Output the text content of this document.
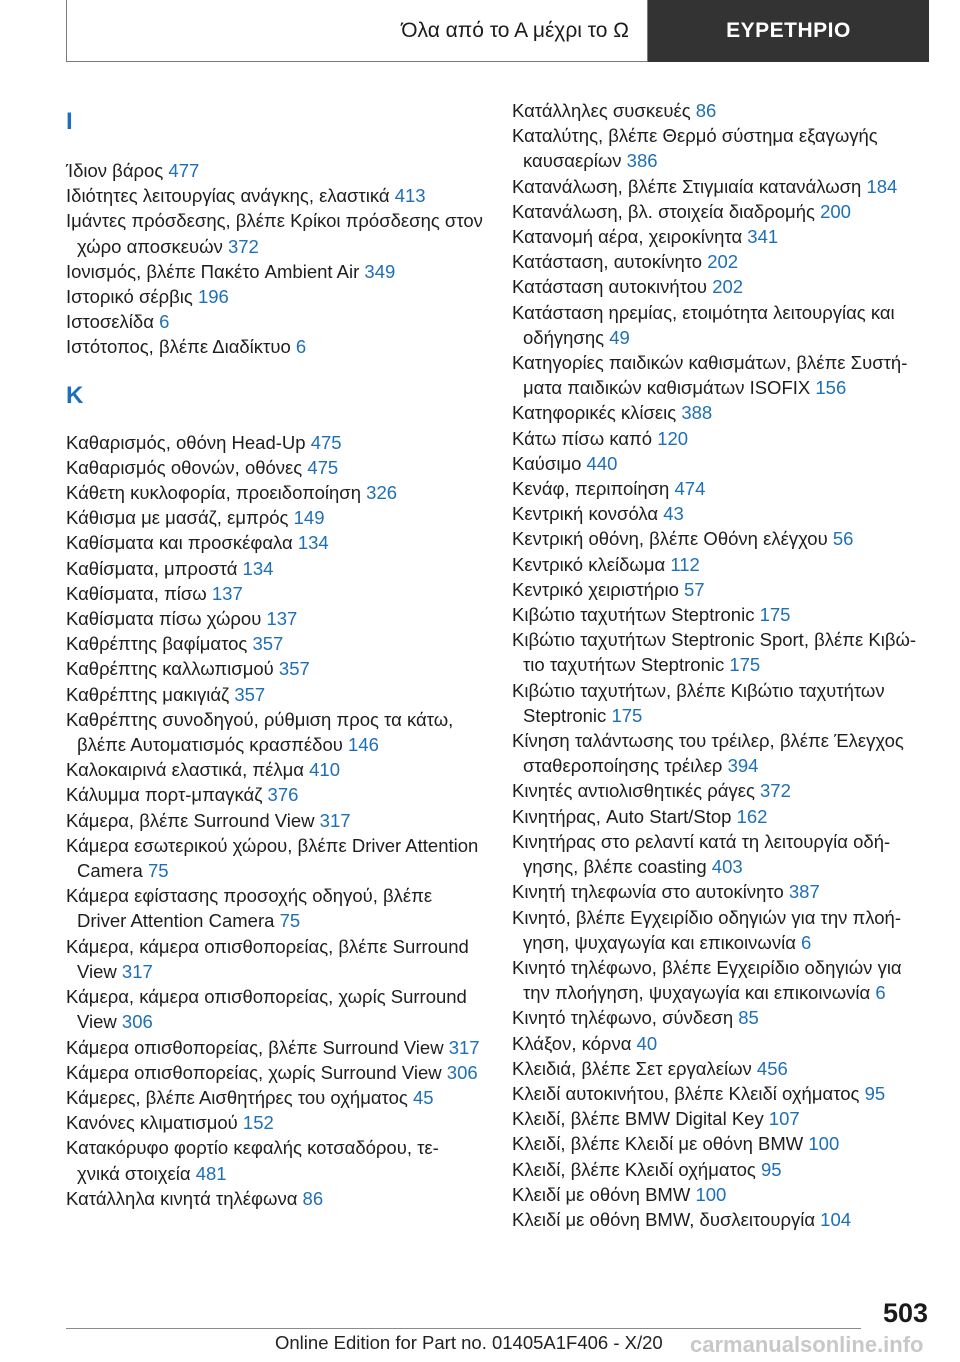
Όλα από το Α μέχρι το Ω	ΕΥΡΕΤΗΡΙΟ
I
Ίδιον βάρος 477
Ιδιότητες λειτουργίας ανάγκης, ελαστικά 413
Ιμάντες πρόσδεσης, βλέπε Κρίκοι πρόσδεσης στον χώρο αποσκευών 372
Ιονισμός, βλέπε Πακέτο Ambient Air 349
Ιστορικό σέρβις 196
Ιστοσελίδα 6
Ιστότοπος, βλέπε Διαδίκτυο 6
K
Καθαρισμός, οθόνη Head-Up 475
Καθαρισμός οθονών, οθόνες 475
Κάθετη κυκλοφορία, προειδοποίηση 326
Κάθισμα με μασάζ, εμπρός 149
Καθίσματα και προσκέφαλα 134
Καθίσματα, μπροστά 134
Καθίσματα, πίσω 137
Καθίσματα πίσω χώρου 137
Καθρέπτης βαφίματος 357
Καθρέπτης καλλωπισμού 357
Καθρέπτης μακιγιάζ 357
Καθρέπτης συνοδηγού, ρύθμιση προς τα κάτω, βλέπε Αυτοματισμός κρασπέδου 146
Καλοκαιρινά ελαστικά, πέλμα 410
Κάλυμμα πορτ-μπαγκάζ 376
Κάμερα, βλέπε Surround View 317
Κάμερα εσωτερικού χώρου, βλέπε Driver Attention Camera 75
Κάμερα εφίστασης προσοχής οδηγού, βλέπε Driver Attention Camera 75
Κάμερα, κάμερα οπισθοπορείας, βλέπε Surround View 317
Κάμερα, κάμερα οπισθοπορείας, χωρίς Surround View 306
Κάμερα οπισθοπορείας, βλέπε Surround View 317
Κάμερα οπισθοπορείας, χωρίς Surround View 306
Κάμερες, βλέπε Αισθητήρες του οχήματος 45
Κανόνες κλιματισμού 152
Κατακόρυφο φορτίο κεφαλής κοτσαδόρου, τε- χνικά στοιχεία 481
Κατάλληλα κινητά τηλέφωνα 86
Κατάλληλες συσκευές 86
Καταλύτης, βλέπε Θερμό σύστημα εξαγωγής καυσαερίων 386
Κατανάλωση, βλέπε Στιγμιαία κατανάλωση 184
Κατανάλωση, βλ. στοιχεία διαδρομής 200
Κατανομή αέρα, χειροκίνητα 341
Κατάσταση, αυτοκίνητο 202
Κατάσταση αυτοκινήτου 202
Κατάσταση ηρεμίας, ετοιμότητα λειτουργίας και οδήγησης 49
Κατηγορίες παιδικών καθισμάτων, βλέπε Συστή- ματα παιδικών καθισμάτων ISOFIX 156
Κατηφορικές κλίσεις 388
Κάτω πίσω καπό 120
Καύσιμο 440
Κενάφ, περιποίηση 474
Κεντρική κονσόλα 43
Κεντρική οθόνη, βλέπε Οθόνη ελέγχου 56
Κεντρικό κλείδωμα 112
Κεντρικό χειριστήριο 57
Κιβώτιο ταχυτήτων Steptronic 175
Κιβώτιο ταχυτήτων Steptronic Sport, βλέπε Κιβώ- τιο ταχυτήτων Steptronic 175
Κιβώτιο ταχυτήτων, βλέπε Κιβώτιο ταχυτήτων Steptronic 175
Κίνηση ταλάντωσης του τρέιλερ, βλέπε Έλεγχος σταθεροποίησης τρέιλερ 394
Κινητές αντιολισθητικές ράγες 372
Κινητήρας, Auto Start/Stop 162
Κινητήρας στο ρελαντί κατά τη λειτουργία οδή- γησης, βλέπε coasting 403
Κινητή τηλεφωνία στο αυτοκίνητο 387
Κινητό, βλέπε Εγχειρίδιο οδηγιών για την πλοή- γηση, ψυχαγωγία και επικοινωνία 6
Κινητό τηλέφωνο, βλέπε Εγχειρίδιο οδηγιών για την πλοήγηση, ψυχαγωγία και επικοινωνία 6
Κινητό τηλέφωνο, σύνδεση 85
Κλάξον, κόρνα 40
Κλειδιά, βλέπε Σετ εργαλείων 456
Κλειδί αυτοκινήτου, βλέπε Κλειδί οχήματος 95
Κλειδί, βλέπε BMW Digital Key 107
Κλειδί, βλέπε Κλειδί με οθόνη BMW 100
Κλειδί, βλέπε Κλειδί οχήματος 95
Κλειδί με οθόνη BMW 100
Κλειδί με οθόνη BMW, δυσλειτουργία 104
503
Online Edition for Part no. 01405A1F406 - X/20 carmanualsonline.info
